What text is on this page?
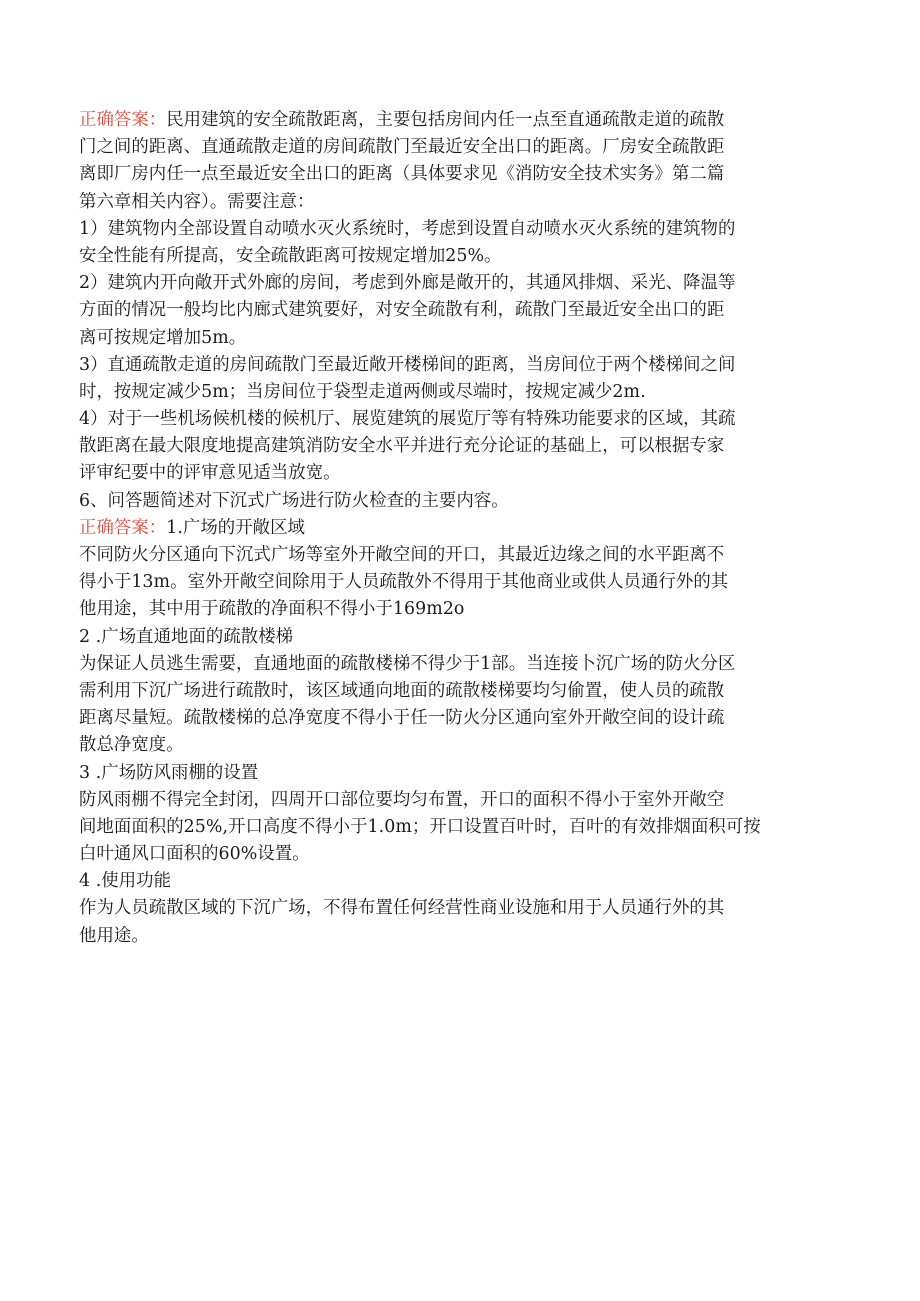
正确答案：民用建筑的安全疏散距离，主要包括房间内任一点至直通疏散走道的疏散
门之间的距离、直通疏散走道的房间疏散门至最近安全出口的距离。厂房安全疏散距
离即厂房内任一点至最近安全出口的距离（具体要求见《消防安全技术实务》第二篇
第六章相关内容）。需要注意：
1）建筑物内全部设置自动喷水灭火系统时，考虑到设置自动喷水灭火系统的建筑物的
安全性能有所提高，安全疏散距离可按规定增加25%。
2）建筑内开向敞开式外廊的房间，考虑到外廊是敞开的，其通风排烟、采光、降温等
方面的情况一般均比内廊式建筑要好，对安全疏散有利，疏散门至最近安全出口的距
离可按规定增加5m。
3）直通疏散走道的房间疏散门至最近敞开楼梯间的距离，当房间位于两个楼梯间之间
时，按规定减少5m；当房间位于袋型走道两侧或尽端时，按规定减少2m.
4）对于一些机场候机楼的候机厅、展览建筑的展览厅等有特殊功能要求的区域，其疏
散距离在最大限度地提高建筑消防安全水平并进行充分论证的基础上，可以根据专家
评审纪要中的评审意见适当放宽。
6、问答题简述对下沉式广场进行防火检查的主要内容。
正确答案：1.广场的开敞区域
不同防火分区通向下沉式广场等室外开敞空间的开口，其最近边缘之间的水平距离不
得小于13m。室外开敞空间除用于人员疏散外不得用于其他商业或供人员通行外的其
他用途，其中用于疏散的净面积不得小于169m2o
2 .广场直通地面的疏散楼梯
为保证人员逃生需要，直通地面的疏散楼梯不得少于1部。当连接卜沉广场的防火分区
需利用下沉广场进行疏散时，该区域通向地面的疏散楼梯要均匀偷置，使人员的疏散
距离尽量短。疏散楼梯的总净宽度不得小于任一防火分区通向室外开敞空间的设计疏
散总净宽度。
3 .广场防风雨棚的设置
防风雨棚不得完全封闭，四周开口部位要均匀布置，开口的面积不得小于室外开敞空
间地面面积的25%,开口高度不得小于1.0m；开口设置百叶时，百叶的有效排烟面积可按
白叶通风口面积的60%设置。
4 .使用功能
作为人员疏散区域的下沉广场，不得布置任何经营性商业设施和用于人员通行外的其
他用途。
